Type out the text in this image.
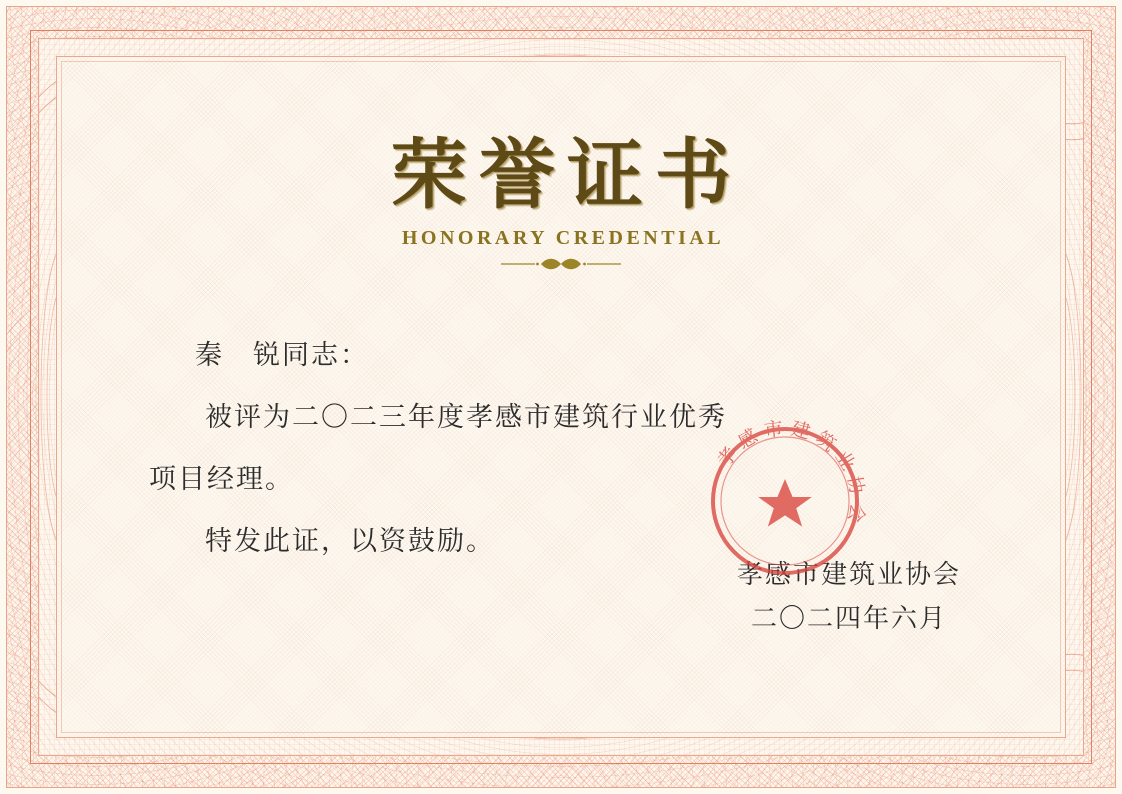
荣誉证书
HONORARY CREDENTIAL
秦　锐同志：
被评为二〇二三年度孝感市建筑行业优秀
项目经理。
特发此证，以资鼓励。
孝感市建筑业协会
孝感市建筑业协会
二〇二四年六月
